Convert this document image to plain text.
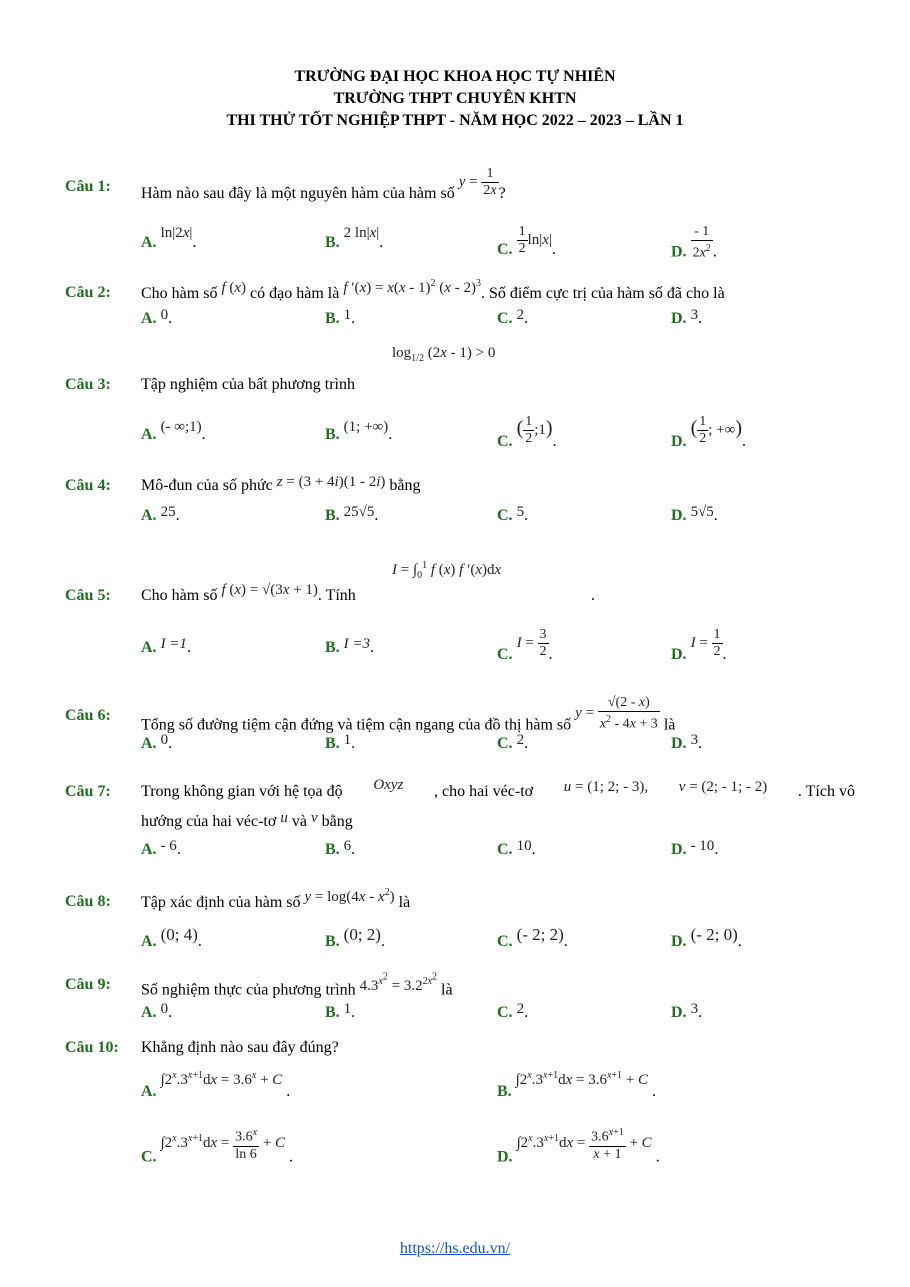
TRƯỜNG ĐẠI HỌC KHOA HỌC TỰ NHIÊN
TRƯỜNG THPT CHUYÊN KHTN
THI THỬ TỐT NGHIỆP THPT - NĂM HỌC 2022 – 2023 – LẦN 1
Câu 1: Hàm nào sau đây là một nguyên hàm của hàm số $y = \frac{1}{2x}$ ?
A. ln|2x|.	B. 2 ln|x|.	C. $\frac{1}{2} \ln|x|$.	D. $\frac{- 1}{2x^2}$ .
Câu 2: Cho hàm số f (x) có đạo hàm là f ′(x) = x(x - 1)$^2$ (x - 2)$^3$. Số điểm cực trị của hàm số đã cho là
A. 0.	B. 1.	C. 2.	D. 3.
$\log_{1/2} (2x - 1) > 0$
Câu 3: Tập nghiệm của bất phương trình
A. (- ∞;1).	B. (1; +∞).	C. ( $\frac{1}{2}$ ;1).	D. ( $\frac{1}{2}$ ; +∞).
Câu 4: Mô-đun của số phức z = (3 + 4i)(1 - 2i) bằng
A. 25.	B. 25√5.	C. 5.	D. 5√5.
$I = \int_0^1$ f (x) f ′(x)dx
Câu 5: Cho hàm số f (x) = √(3x + 1). Tính	.
A. I =1.	B. I =3.	C. $I = \frac{3}{2}$ .	D. $I = \frac{1}{2}$ .
Câu 6:
Tổng số đường tiệm cận đứng và tiệm cận ngang của đồ thị hàm số $y = \frac{√(2 - x)}{x^2 - 4x + 3}$ là
A. 0.	B. 1.	C. 2.	D. 3.
Câu 7: Trong không gian với hệ tọa độ Oxyz , cho hai véc-tơ u = (1; 2; - 3), v = (2; - 1; - 2) . Tích vô
hướng của hai véc-tơ u và v bằng
A. - 6.	B. 6.	C. 10.	D. - 10.
Câu 8: Tập xác định của hàm số $y = \log(4x - x^2)$ là
A. (0; 4).	B. (0; 2).	C. (- 2; 2).	D. (- 2; 0).
Câu 9: Số nghiệm thực của phương trình $4.3^{x^2} = 3.2^{2x^2}$ là
A. 0.	B. 1.	C. 2.	D. 3.
Câu 10: Khẳng định nào sau đây đúng?
A. $\int 2^x.3^{x+1}dx = 3.6^x + C$ .	B. $\int 2^x.3^{x+1}dx = 3.6^{x+1} + C$ .
C. $\int 2^x.3^{x+1}dx = \frac{3.6^x}{\ln 6} + C$ .	D. $\int 2^x.3^{x+1}dx = \frac{3.6^{x+1}}{x + 1} + C$ .
https://hs.edu.vn/
